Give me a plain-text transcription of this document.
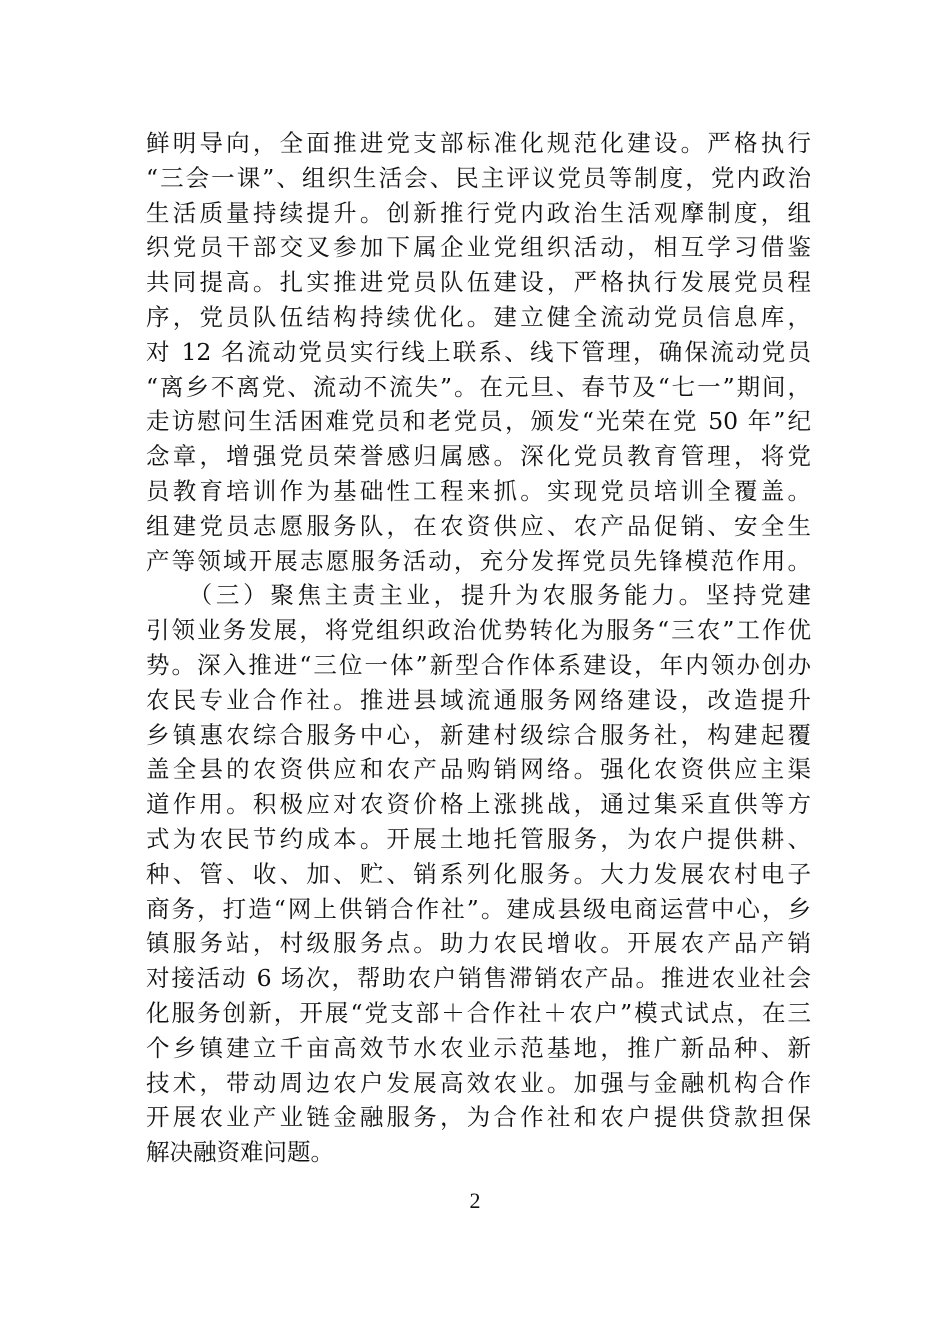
鲜明导向，全面推进党支部标准化规范化建设。严格执行
“三会一课”、组织生活会、民主评议党员等制度，党内政治
生活质量持续提升。创新推行党内政治生活观摩制度，组
织党员干部交叉参加下属企业党组织活动，相互学习借鉴
共同提高。扎实推进党员队伍建设，严格执行发展党员程
序，党员队伍结构持续优化。建立健全流动党员信息库，
对 12 名流动党员实行线上联系、线下管理，确保流动党员
“离乡不离党、流动不流失”。在元旦、春节及“七一”期间，
走访慰问生活困难党员和老党员，颁发“光荣在党 50 年”纪
念章，增强党员荣誉感归属感。深化党员教育管理，将党
员教育培训作为基础性工程来抓。实现党员培训全覆盖。
组建党员志愿服务队，在农资供应、农产品促销、安全生
产等领域开展志愿服务活动，充分发挥党员先锋模范作用。
　　（三）聚焦主责主业，提升为农服务能力。坚持党建
引领业务发展，将党组织政治优势转化为服务“三农”工作优
势。深入推进“三位一体”新型合作体系建设，年内领办创办
农民专业合作社。推进县域流通服务网络建设，改造提升
乡镇惠农综合服务中心，新建村级综合服务社，构建起覆
盖全县的农资供应和农产品购销网络。强化农资供应主渠
道作用。积极应对农资价格上涨挑战，通过集采直供等方
式为农民节约成本。开展土地托管服务，为农户提供耕、
种、管、收、加、贮、销系列化服务。大力发展农村电子
商务，打造“网上供销合作社”。建成县级电商运营中心，乡
镇服务站，村级服务点。助力农民增收。开展农产品产销
对接活动 6 场次，帮助农户销售滞销农产品。推进农业社会
化服务创新，开展“党支部＋合作社＋农户”模式试点，在三
个乡镇建立千亩高效节水农业示范基地，推广新品种、新
技术，带动周边农户发展高效农业。加强与金融机构合作
开展农业产业链金融服务，为合作社和农户提供贷款担保
解决融资难问题。
2
